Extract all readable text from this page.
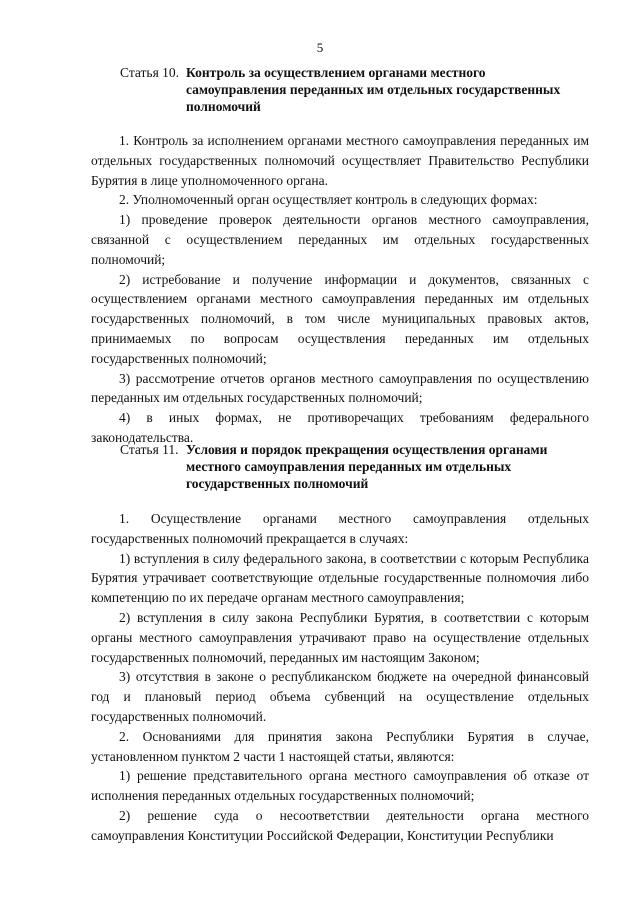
5
Статья 10. Контроль за осуществлением органами местного самоуправления переданных им отдельных государственных полномочий

1. Контроль за исполнением органами местного самоуправления переданных им отдельных государственных полномочий осуществляет Правительство Республики Бурятия в лице уполномоченного органа.

2. Уполномоченный орган осуществляет контроль в следующих формах:

1) проведение проверок деятельности органов местного самоуправления, связанной с осуществлением переданных им отдельных государственных полномочий;

2) истребование и получение информации и документов, связанных с осуществлением органами местного самоуправления переданных им отдельных государственных полномочий, в том числе муниципальных правовых актов, принимаемых по вопросам осуществления переданных им отдельных государственных полномочий;

3) рассмотрение отчетов органов местного самоуправления по осуществлению переданных им отдельных государственных полномочий;

4) в иных формах, не противоречащих требованиям федерального законодательства.

Статья 11. Условия и порядок прекращения осуществления органами местного самоуправления переданных им отдельных государственных полномочий

1. Осуществление органами местного самоуправления отдельных государственных полномочий прекращается в случаях:

1) вступления в силу федерального закона, в соответствии с которым Республика Бурятия утрачивает соответствующие отдельные государственные полномочия либо компетенцию по их передаче органам местного самоуправления;

2) вступления в силу закона Республики Бурятия, в соответствии с которым органы местного самоуправления утрачивают право на осуществление отдельных государственных полномочий, переданных им настоящим Законом;

3) отсутствия в законе о республиканском бюджете на очередной финансовый год и плановый период объема субвенций на осуществление отдельных государственных полномочий.

2. Основаниями для принятия закона Республики Бурятия в случае, установленном пунктом 2 части 1 настоящей статьи, являются:

1) решение представительного органа местного самоуправления об отказе от исполнения переданных отдельных государственных полномочий;

2) решение суда о несоответствии деятельности органа местного самоуправления Конституции Российской Федерации, Конституции Республики
